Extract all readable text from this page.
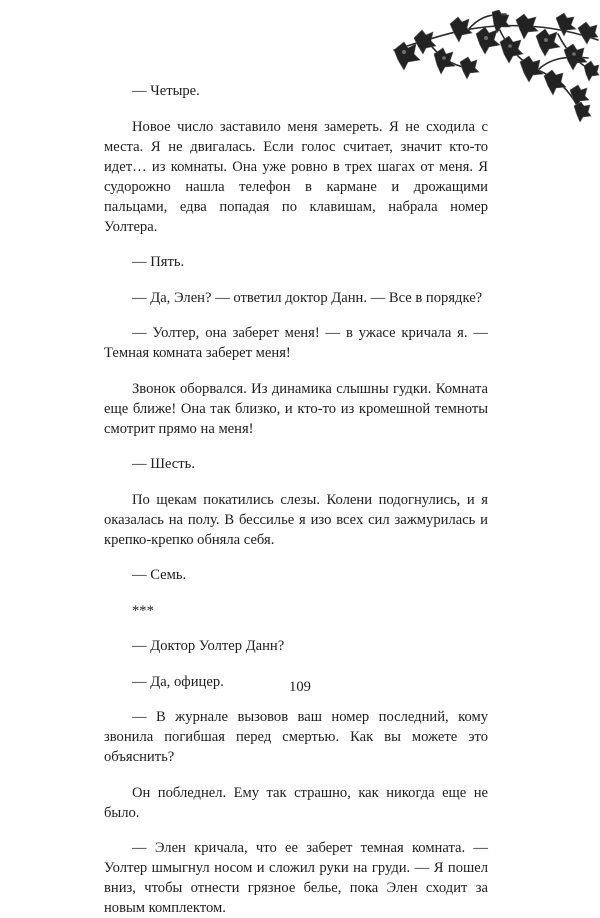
— Четыре.

Новое число заставило меня замереть. Я не сходила с места. Я не двигалась. Если голос считает, значит кто-то идет… из комнаты. Она уже ровно в трех шагах от меня. Я судорожно нашла телефон в кармане и дрожащими пальцами, едва попадая по клавишам, набрала номер Уолтера.

— Пять.

— Да, Элен? — ответил доктор Данн. — Все в порядке?

— Уолтер, она заберет меня! — в ужасе кричала я. — Темная комната заберет меня!

Звонок оборвался. Из динамика слышны гудки. Комната еще ближе! Она так близко, и кто-то из кромешной темноты смотрит прямо на меня!

— Шесть.

По щекам покатились слезы. Колени подогнулись, и я оказалась на полу. В бессилье я изо всех сил зажмурилась и крепко-крепко обняла себя.

— Семь.

***

— Доктор Уолтер Данн?

— Да, офицер.

— В журнале вызовов ваш номер последний, кому звонила погибшая перед смертью. Как вы можете это объяснить?

Он побледнел. Ему так страшно, как никогда еще не было.

— Элен кричала, что ее заберет темная комната. — Уолтер шмыгнул носом и сложил руки на груди. — Я пошел вниз, чтобы отнести грязное белье, пока Элен сходит за новым комплектом.

109
